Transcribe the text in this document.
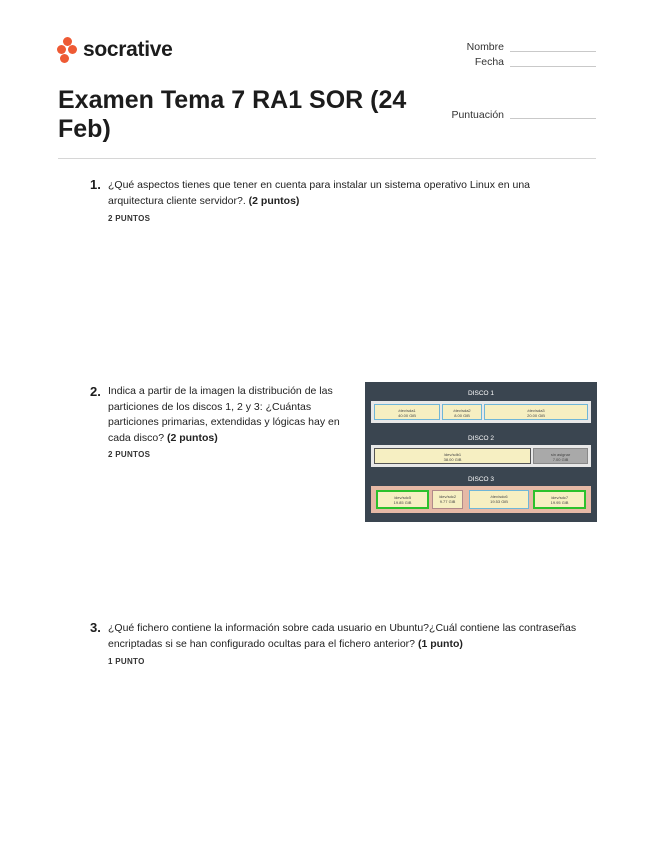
socrative	Nombre
Fecha
Puntuación
Examen Tema 7 RA1 SOR (24 Feb)
1. ¿Qué aspectos tienes que tener en cuenta para instalar un sistema operativo Linux en una arquitectura cliente servidor?. (2 puntos)
2 PUNTOS
2. Indica a partir de la imagen la distribución de las particiones de los discos 1, 2 y 3: ¿Cuántas particiones primarias, extendidas y lógicas hay en cada disco? (2 puntos)
2 PUNTOS
DISCO 1
/dev/sda1
40.00 GiB
/dev/sda2
8.00 GiB
/dev/sda3
20.00 GiB
DISCO 2
/dev/sdb1
38.00 GiB
sin asignar
7.00 GiB
DISCO 3
/dev/sdc5
19.85 GiB
/dev/sdc2
9.77 GiB
/dev/sdc6
19.53 GiB
/dev/sdc7
19.95 GiB
3. ¿Qué fichero contiene la información sobre cada usuario en Ubuntu?¿Cuál contiene las contraseñas encriptadas si se han configurado ocultas para el fichero anterior? (1 punto)
1 PUNTO
